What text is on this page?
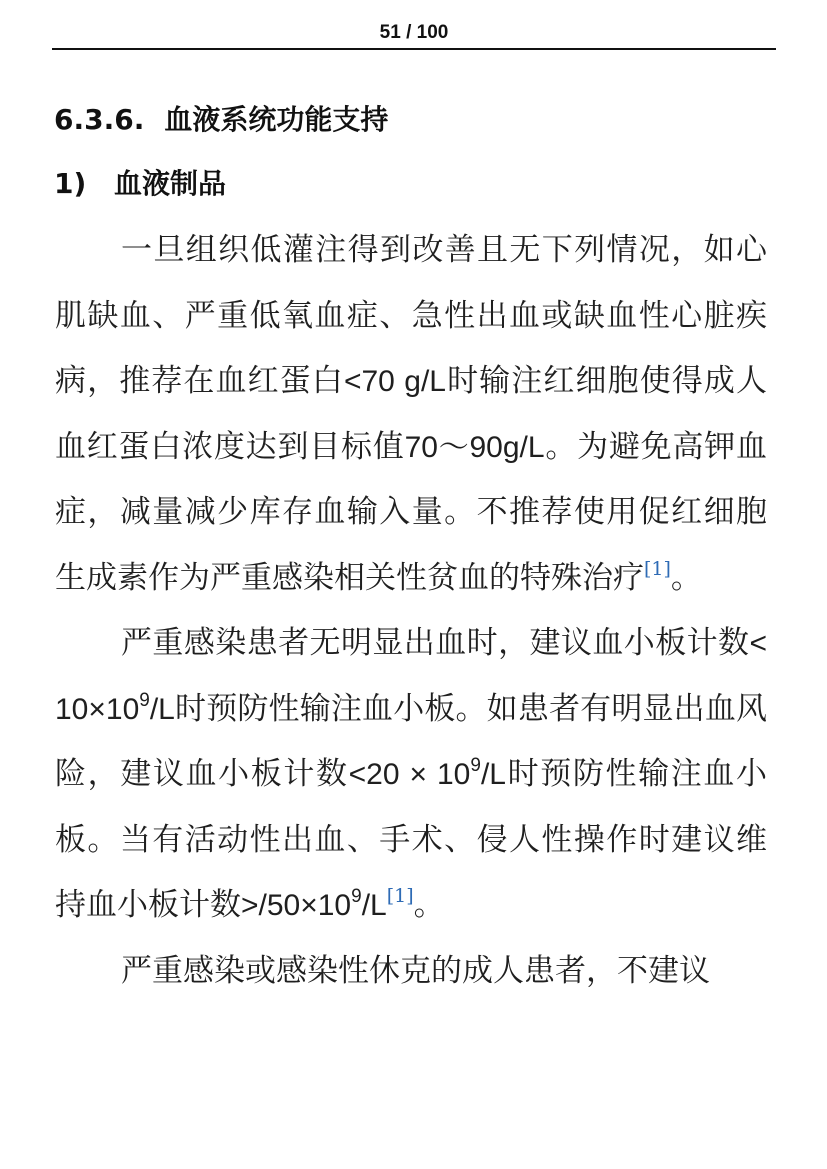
51 / 100
6.3.6. 血液系统功能支持
1) 血液制品

一旦组织低灌注得到改善且无下列情况，如心肌缺血、严重低氧血症、急性出血或缺血性心脏疾病，推荐在血红蛋白<70 g/L时输注红细胞使得成人血红蛋白浓度达到目标值70～90g/L。为避免高钾血症，减量减少库存血输入量。不推荐使用促红细胞生成素作为严重感染相关性贫血的特殊治疗[1]。

严重感染患者无明显出血时，建议血小板计数$<10\times 10^9/L$时预防性输注血小板。如患者有明显出血风险，建议血小板计数$<20 \times 10^9/L$时预防性输注血小板。当有活动性出血、手术、侵人性操作时建议维持血小板计数$>/50\times 10^9/L[1]$。

严重感染或感染性休克的成人患者，不建议
